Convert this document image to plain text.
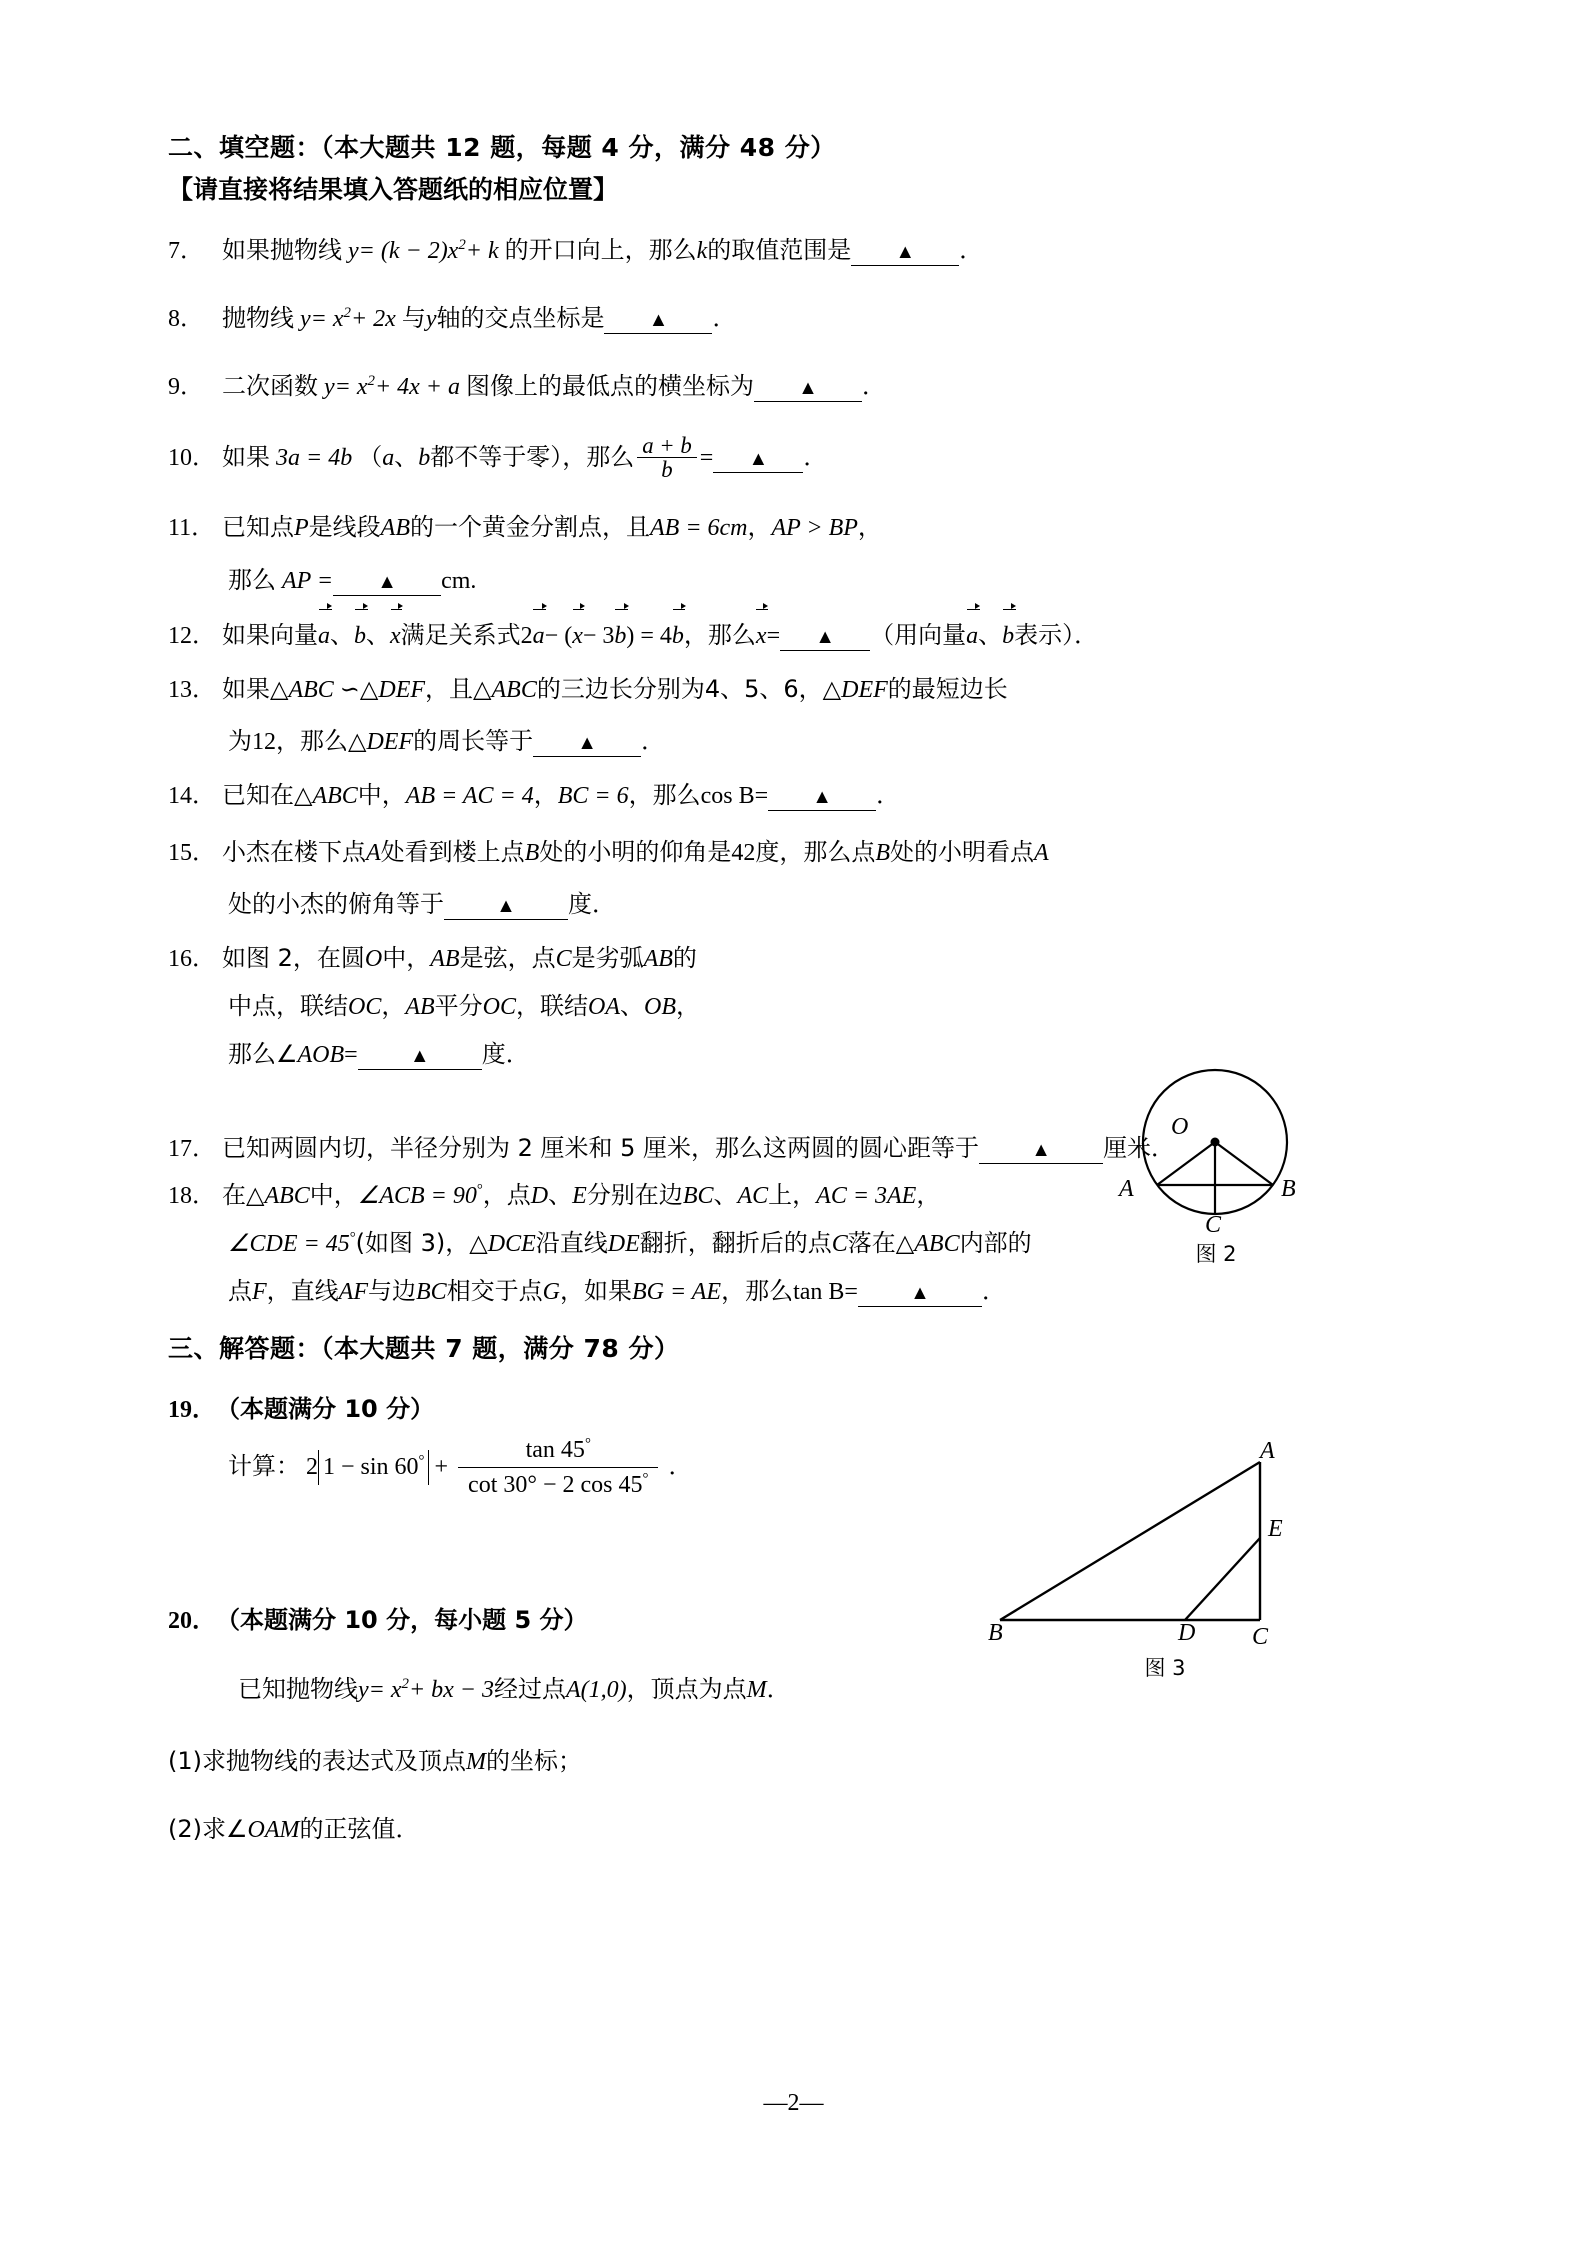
二、填空题：（本大题共 12 题，每题 4 分，满分 48 分）
【请直接将结果填入答题纸的相应位置】
7． 如果抛物线 $y= (k - 2)x^2+ k$ 的开口向上，那么k的取值范围是 ▲ ．
8． 抛物线 $y= x^2+ 2x$ 与y轴的交点坐标是 ▲ ．
9． 二次函数 $y= x^2+ 4x + a$ 图像上的最低点的横坐标为 ▲ ．
10． 如果 3a = 4b （a、b都不等于零），那么 $\frac{a + b}{b}$ = ▲ ．
11． 已知点P是线段AB的一个黄金分割点，且AB = 6cm，AP > BP，
那么 AP = ▲ cm.
12． 如果向量a、b、x满足关系式2a− (x− 3b) = 4b，那么x= ▲ （用向量a、b表示）．
13． 如果△ABC ∽△DEF，且△ABC的三边长分别为4、5、6，△DEF的最短边长
为12，那么△DEF的周长等于 ▲ ．
14． 已知在△ABC中，AB = AC = 4，BC = 6，那么cos B= ▲ ．
15． 小杰在楼下点A处看到楼上点B处的小明的仰角是42度，那么点B处的小明看点A
处的小杰的俯角等于	▲ 度．
16． 如图 2，在圆O中，AB是弦，点C是劣弧AB的
中点，联结OC，AB平分OC，联结OA、OB，
那么∠AOB=	▲ 度．
17． 已知两圆内切，半径分别为 2 厘米和 5 厘米，那么这两圆的圆心距等于	▲ 厘米．
18． 在△ABC中，∠ACB = 90°，点D、E分别在边BC、AC上，AC = 3AE，
∠CDE = 45°(如图 3)，△DCE沿直线DE翻折，翻折后的点C落在△ABC内部的
点F，直线AF与边BC相交于点G，如果BG = AE，那么tan B=	▲ ．
三、解答题：（本大题共 7 题，满分 78 分）
19．（本题满分 10 分）
计算： 2 $1 - \sin 60^\circ + \frac{\tan 45^\circ}{\cot 30^\circ - 2 \cos 45^\circ}$ ．
20．（本题满分 10 分，每小题 5 分）
已知抛物线$y= x^2+$ bx − 3经过点A(1,0)，顶点为点M．
(1)求抛物线的表达式及顶点M的坐标；
(2)求∠OAM的正弦值．
O
A	B
C
图 2
A
E
B	D C
图 3
—2—
